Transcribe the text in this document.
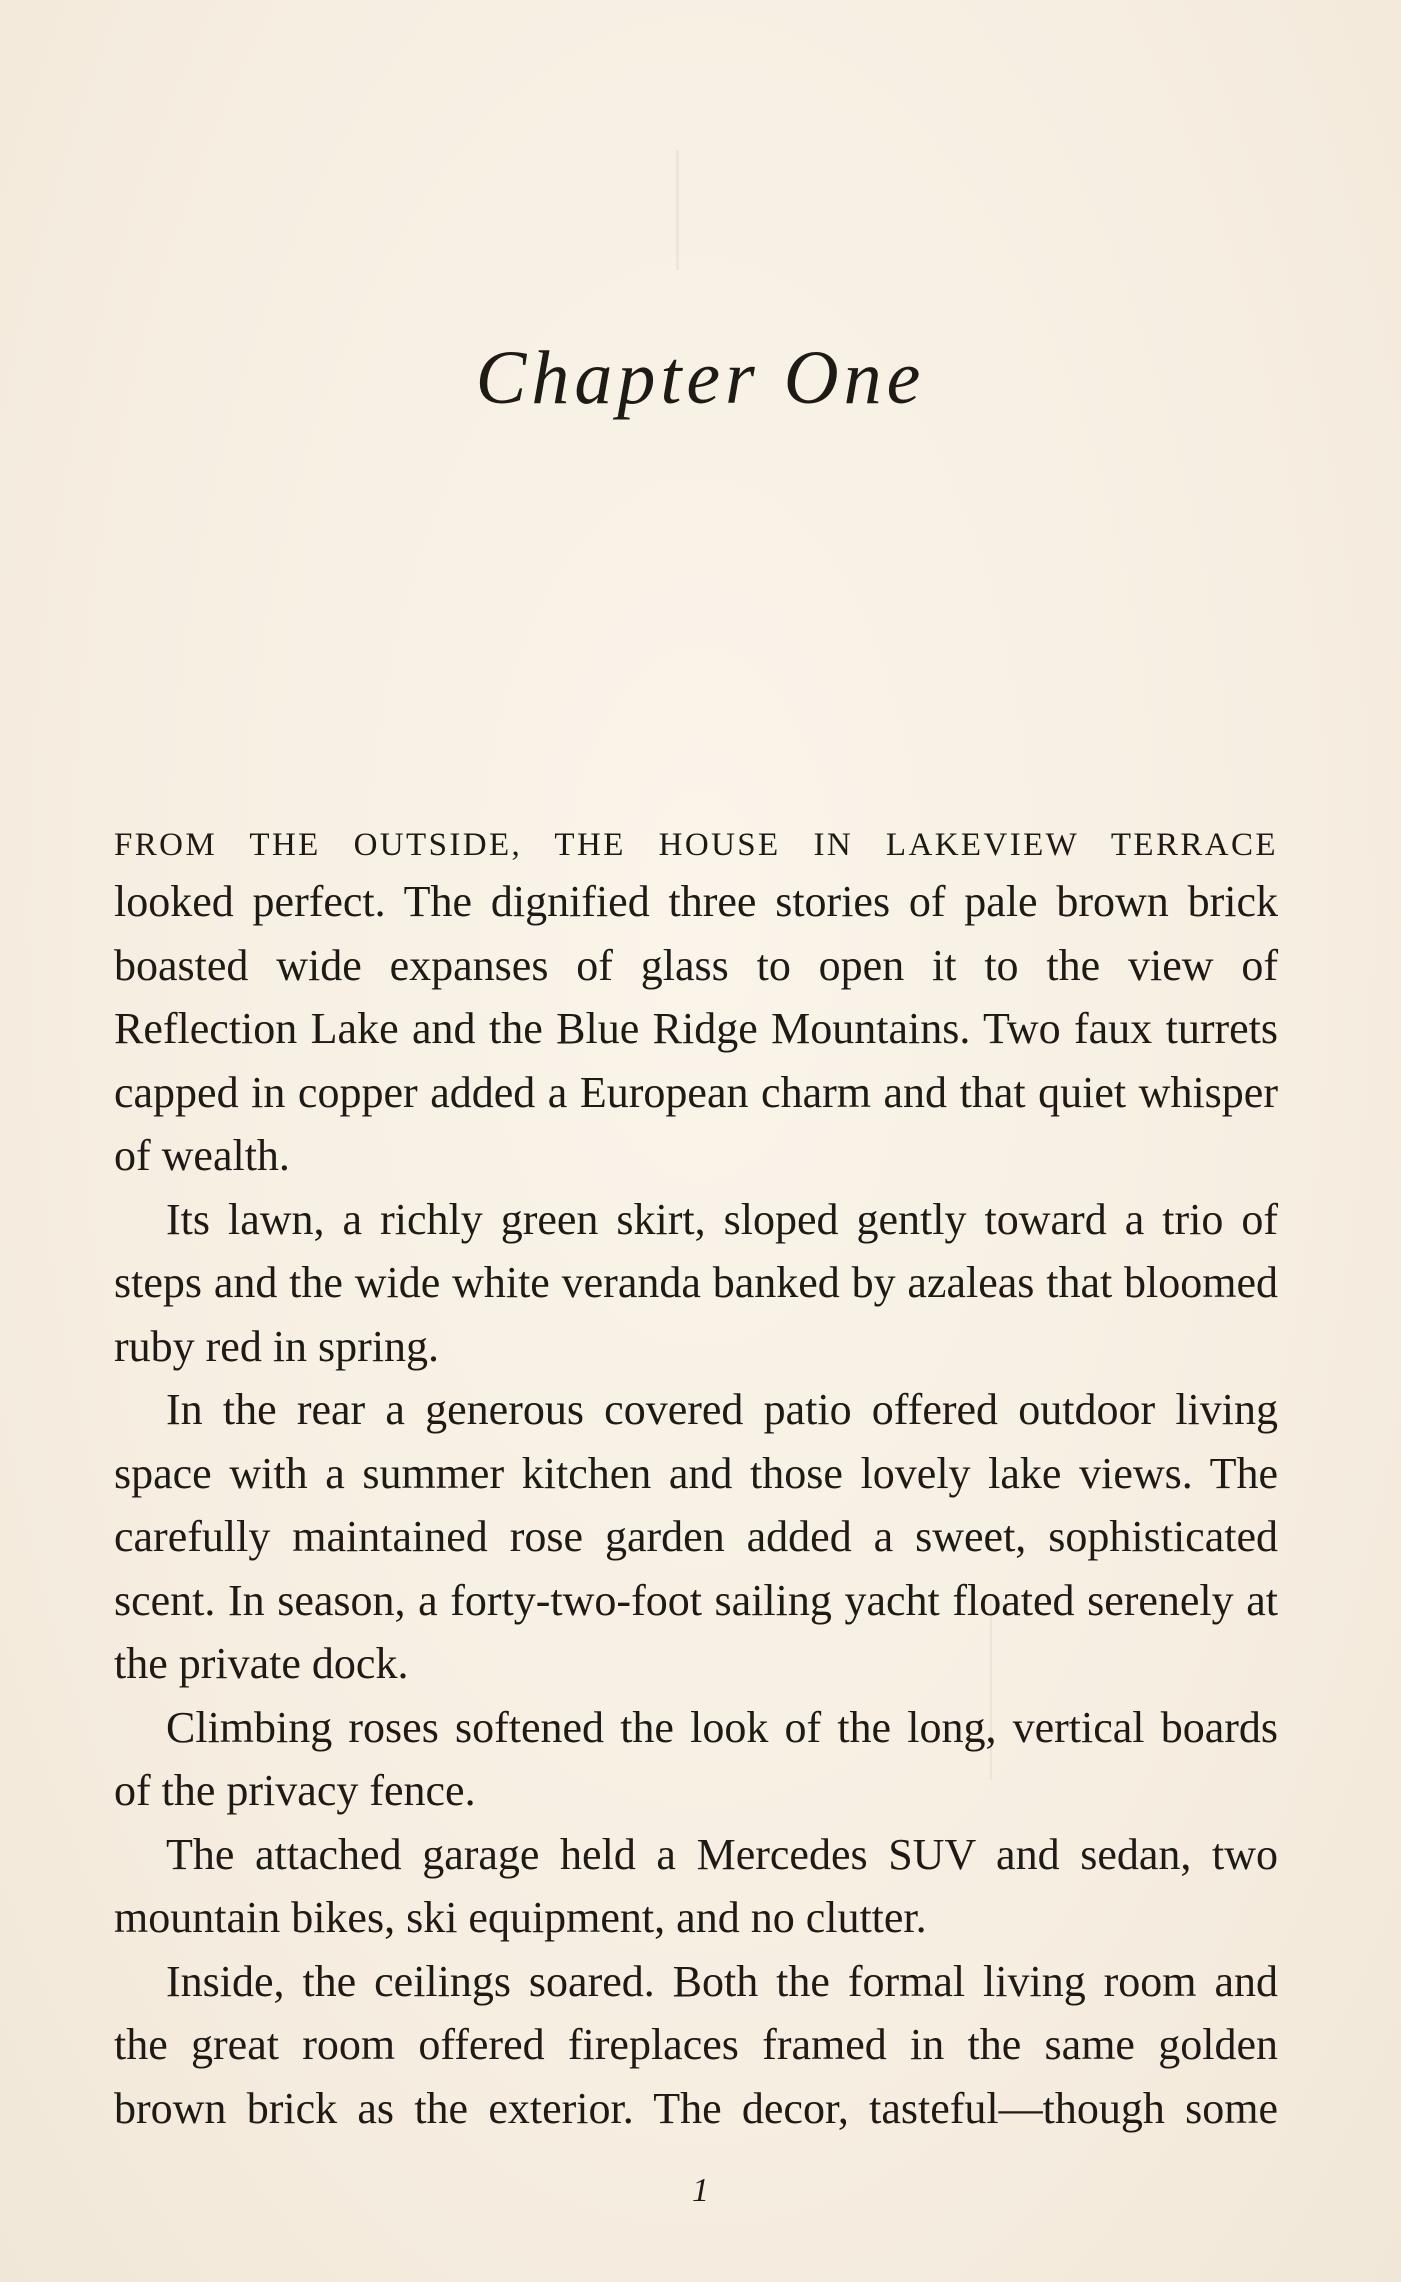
Chapter One
FROM THE OUTSIDE, THE HOUSE IN LAKEVIEW TERRACE

looked perfect. The dignified three stories of pale brown brick boasted wide expanses of glass to open it to the view of Reflection Lake and the Blue Ridge Mountains. Two faux turrets capped in copper added a European charm and that quiet whisper of wealth.

Its lawn, a richly green skirt, sloped gently toward a trio of steps and the wide white veranda banked by azaleas that bloomed ruby red in spring.

In the rear a generous covered patio offered outdoor living space with a summer kitchen and those lovely lake views. The carefully maintained rose garden added a sweet, sophisticated scent. In season, a forty-two-foot sailing yacht floated serenely at the private dock.

Climbing roses softened the look of the long, vertical boards of the privacy fence.

The attached garage held a Mercedes SUV and sedan, two mountain bikes, ski equipment, and no clutter.

Inside, the ceilings soared. Both the formal living room and the great room offered fireplaces framed in the same golden brown brick as the exterior. The decor, tasteful—though some

1
